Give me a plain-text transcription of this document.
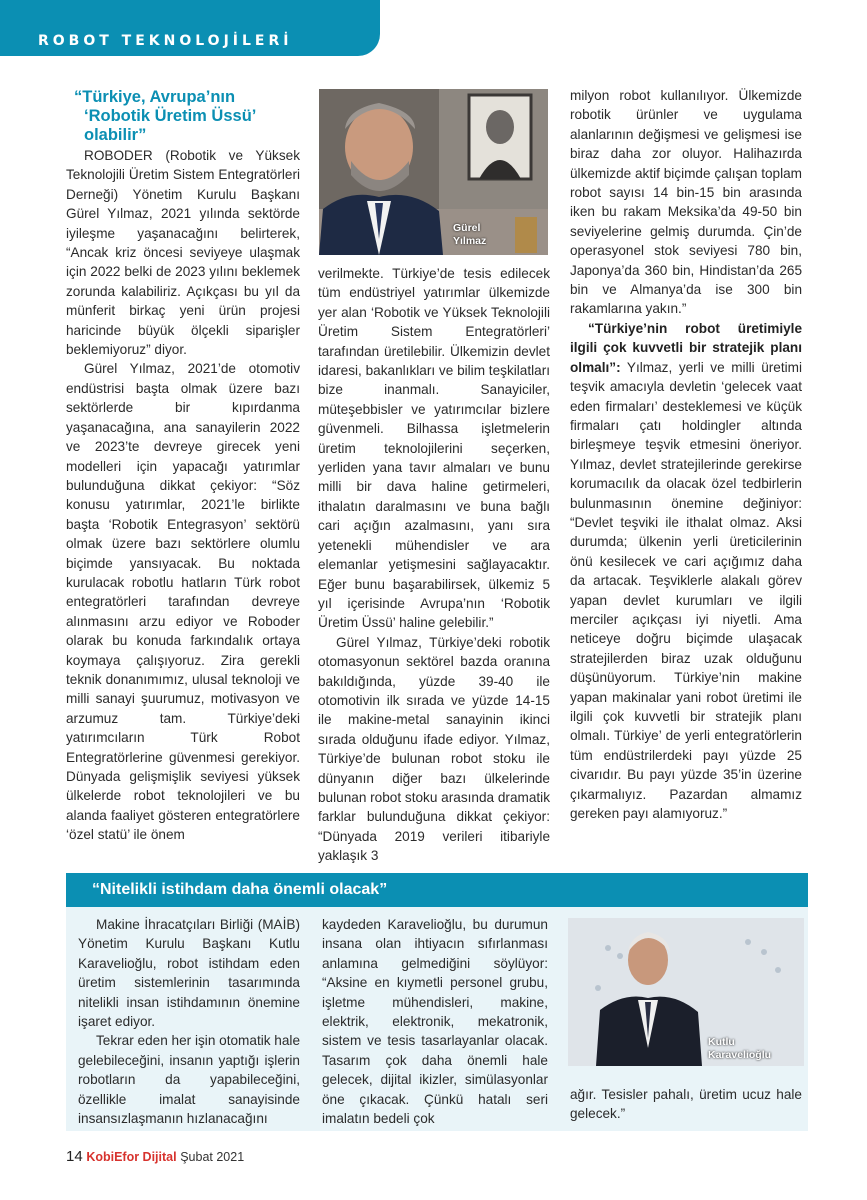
ROBOT TEKNOLOJİLERİ
“Türkiye, Avrupa’nın ‘Robotik Üretim Üssü’ olabilir”

ROBODER (Robotik ve Yüksek Teknolojili Üretim Sistem Entegratörleri Derneği) Yönetim Kurulu Başkanı Gürel Yılmaz, 2021 yılında sektörde iyileşme yaşanacağını belirterek, “Ancak kriz öncesi seviyeye ulaşmak için 2022 belki de 2023 yılını beklemek zorunda kalabiliriz. Açıkçası bu yıl da münferit birkaç yeni ürün projesi haricinde büyük ölçekli siparişler beklemiyoruz” diyor.

Gürel Yılmaz, 2021’de otomotiv endüstrisi başta olmak üzere bazı sektörlerde bir kıpırdanma yaşanacağına, ana sanayilerin 2022 ve 2023’te devreye girecek yeni modelleri için yapacağı yatırımlar bulunduğuna dikkat çekiyor: “Söz konusu yatırımlar, 2021’le birlikte başta ‘Robotik Entegrasyon’ sektörü olmak üzere bazı sektörlere olumlu biçimde yansıyacak. Bu noktada kurulacak robotlu hatların Türk robot entegratörleri tarafından devreye alınmasını arzu ediyor ve Roboder olarak bu konuda farkındalık ortaya koymaya çalışıyoruz. Zira gerekli teknik donanımımız, ulusal teknoloji ve milli sanayi şuurumuz, motivasyon ve arzumuz tam. Türkiye’deki yatırımcıların Türk Robot Entegratörlerine güvenmesi gerekiyor. Dünyada gelişmişlik seviyesi yüksek ülkelerde robot teknolojileri ve bu alanda faaliyet gösteren entegratörlere ‘özel statü’ ile önem

Gürel
Yılmaz

verilmekte. Türkiye’de tesis edilecek tüm endüstriyel yatırımlar ülkemizde yer alan ‘Robotik ve Yüksek Teknolojili Üretim Sistem Entegratörleri’ tarafından üretilebilir. Ülkemizin devlet idaresi, bakanlıkları ve bilim teşkilatları bize inanmalı. Sanayiciler, müteşebbisler ve yatırımcılar bizlere güvenmeli. Bilhassa işletmelerin üretim teknolojilerini seçerken, yerliden yana tavır almaları ve bunu milli bir dava haline getirmeleri, ithalatın daralmasını ve buna bağlı cari açığın azalmasını, yanı sıra yetenekli mühendisler ve ara elemanlar yetişmesini sağlayacaktır. Eğer bunu başarabilirsek, ülkemiz 5 yıl içerisinde Avrupa’nın ‘Robotik Üretim Üssü’ haline gelebilir.”

Gürel Yılmaz, Türkiye’deki robotik otomasyonun sektörel bazda oranına bakıldığında, yüzde 39-40 ile otomotivin ilk sırada ve yüzde 14-15 ile makine-metal sanayinin ikinci sırada olduğunu ifade ediyor. Yılmaz, Türkiye’de bulunan robot stoku ile dünyanın diğer bazı ülkelerinde bulunan robot stoku arasında dramatik farklar bulunduğuna dikkat çekiyor: “Dünyada 2019 verileri itibariyle yaklaşık 3

milyon robot kullanılıyor. Ülkemizde robotik ürünler ve uygulama alanlarının değişmesi ve gelişmesi ise biraz daha zor oluyor. Halihazırda ülkemizde aktif biçimde çalışan toplam robot sayısı 14 bin-15 bin arasında iken bu rakam Meksika’da 49-50 bin seviyelerine gelmiş durumda. Çin’de operasyonel stok seviyesi 780 bin, Japonya’da 360 bin, Hindistan’da 265 bin ve Almanya’da ise 300 bin rakamlarına yakın.”

“Türkiye’nin robot üretimiyle ilgili çok kuvvetli bir stratejik planı olmalı”: Yılmaz, yerli ve milli üretimi teşvik amacıyla devletin ‘gelecek vaat eden firmaları’ desteklemesi ve küçük firmaları çatı holdingler altında birleşmeye teşvik etmesini öneriyor. Yılmaz, devlet stratejilerinde gerekirse korumacılık da olacak özel tedbirlerin bulunmasının önemine değiniyor: “Devlet teşviki ile ithalat olmaz. Aksi durumda; ülkenin yerli üreticilerinin önü kesilecek ve cari açığımız daha da artacak. Teşviklerle alakalı görev yapan devlet kurumları ve ilgili merciler açıkçası iyi niyetli. Ama neticeye doğru biçimde ulaşacak stratejilerden biraz uzak olduğunu düşünüyorum. Türkiye’nin makine yapan makinalar yani robot üretimi ile ilgili çok kuvvetli bir stratejik planı olmalı. Türkiye’ de yerli entegratörlerin tüm endüstrilerdeki payı yüzde 25 civarıdır. Bu payı yüzde 35’in üzerine çıkarmalıyız. Pazardan almamız gereken payı alamıyoruz.”

“Nitelikli istihdam daha önemli olacak”

Makine İhracatçıları Birliği (MAİB) Yönetim Kurulu Başkanı Kutlu Karavelioğlu, robot istihdam eden üretim sistemlerinin tasarımında nitelikli insan istihdamının önemine işaret ediyor.

Tekrar eden her işin otomatik hale gelebileceğini, insanın yaptığı işlerin robotların da yapabileceğini, özellikle imalat sanayisinde insansızlaşmanın hızlanacağını

kaydeden Karavelioğlu, bu durumun insana olan ihtiyacın sıfırlanması anlamına gelmediğini söylüyor: “Aksine en kıymetli personel grubu, işletme mühendisleri, makine, elektrik, elektronik, mekatronik, sistem ve tesis tasarlayanlar olacak. Tasarım çok daha önemli hale gelecek, dijital ikizler, simülasyonlar öne çıkacak. Çünkü hatalı seri imalatın bedeli çok

Kutlu
Karavelioğlu

ağır. Tesisler pahalı, üretim ucuz hale gelecek.”

14 KobiEfor Dijital Şubat 2021
